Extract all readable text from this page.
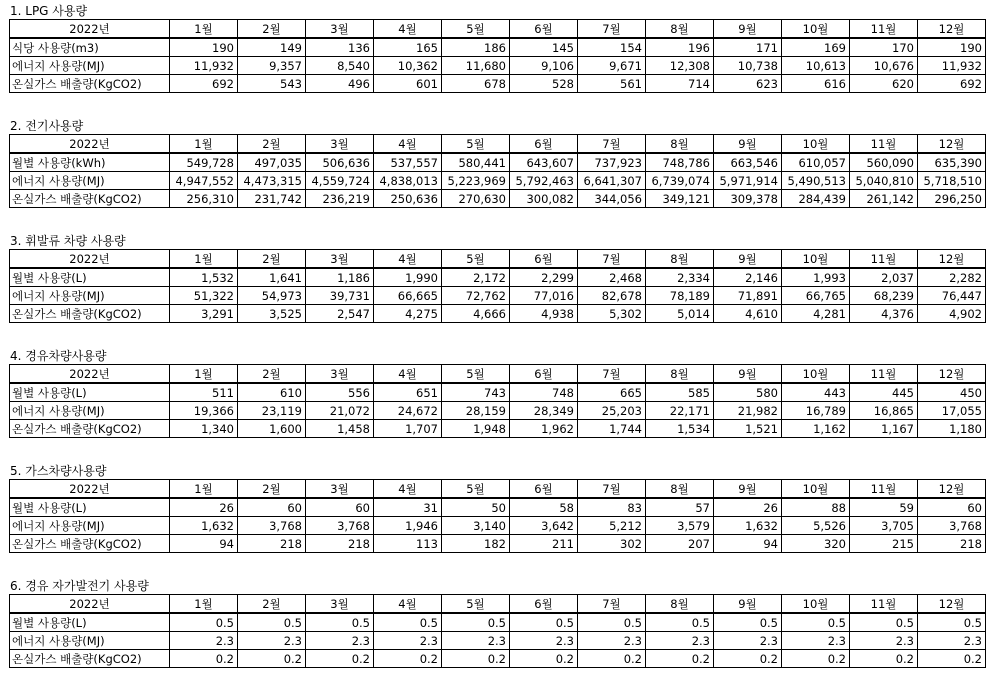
1. LPG 사용량
2022년	1월	2월	3월	4월	5월	6월	7월	8월	9월	10월	11월	12월
식당 사용량(m3)	190	149	136	165	186	145	154	196	171	169	170	190
에너지 사용량(MJ)	11,932	9,357	8,540	10,362	11,680	9,106	9,671	12,308	10,738	10,613	10,676	11,932
온실가스 배출량(KgCO2)	692	543	496	601	678	528	561	714	623	616	620	692
2. 전기사용량
2022년	1월	2월	3월	4월	5월	6월	7월	8월	9월	10월	11월	12월
월별 사용량(kWh)	549,728	497,035	506,636	537,557	580,441	643,607	737,923	748,786	663,546	610,057	560,090	635,390
에너지 사용량(MJ)	4,947,552	4,473,315	4,559,724	4,838,013	5,223,969	5,792,463	6,641,307	6,739,074	5,971,914	5,490,513	5,040,810	5,718,510
온실가스 배출량(KgCO2)	256,310	231,742	236,219	250,636	270,630	300,082	344,056	349,121	309,378	284,439	261,142	296,250
3. 휘발류 차량 사용량
2022년	1월	2월	3월	4월	5월	6월	7월	8월	9월	10월	11월	12월
월별 사용량(L)	1,532	1,641	1,186	1,990	2,172	2,299	2,468	2,334	2,146	1,993	2,037	2,282
에너지 사용량(MJ)	51,322	54,973	39,731	66,665	72,762	77,016	82,678	78,189	71,891	66,765	68,239	76,447
온실가스 배출량(KgCO2)	3,291	3,525	2,547	4,275	4,666	4,938	5,302	5,014	4,610	4,281	4,376	4,902
4. 경유차량사용량
2022년	1월	2월	3월	4월	5월	6월	7월	8월	9월	10월	11월	12월
월별 사용량(L)	511	610	556	651	743	748	665	585	580	443	445	450
에너지 사용량(MJ)	19,366	23,119	21,072	24,672	28,159	28,349	25,203	22,171	21,982	16,789	16,865	17,055
온실가스 배출량(KgCO2)	1,340	1,600	1,458	1,707	1,948	1,962	1,744	1,534	1,521	1,162	1,167	1,180
5. 가스차량사용량
2022년	1월	2월	3월	4월	5월	6월	7월	8월	9월	10월	11월	12월
월별 사용량(L)	26	60	60	31	50	58	83	57	26	88	59	60
에너지 사용량(MJ)	1,632	3,768	3,768	1,946	3,140	3,642	5,212	3,579	1,632	5,526	3,705	3,768
온실가스 배출량(KgCO2)	94	218	218	113	182	211	302	207	94	320	215	218
6. 경유 자가발전기 사용량
2022년	1월	2월	3월	4월	5월	6월	7월	8월	9월	10월	11월	12월
월별 사용량(L)	0.5	0.5	0.5	0.5	0.5	0.5	0.5	0.5	0.5	0.5	0.5	0.5
에너지 사용량(MJ)	2.3	2.3	2.3	2.3	2.3	2.3	2.3	2.3	2.3	2.3	2.3	2.3
온실가스 배출량(KgCO2)	0.2	0.2	0.2	0.2	0.2	0.2	0.2	0.2	0.2	0.2	0.2	0.2
